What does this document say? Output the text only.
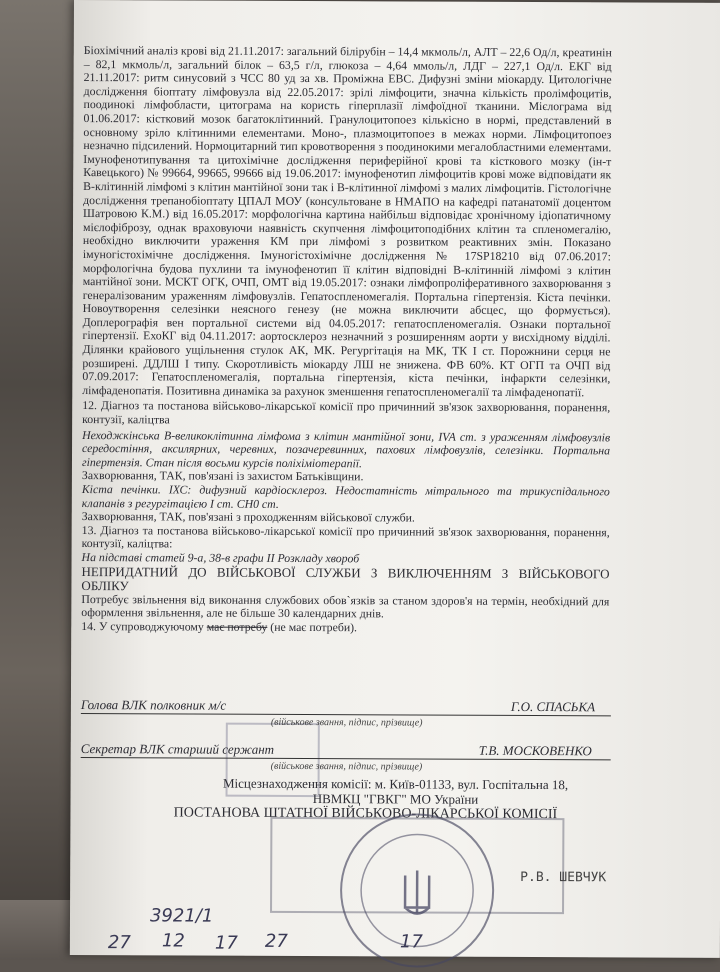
Біохімічний аналіз крові від 21.11.2017: загальний білірубін – 14,4 мкмоль/л, АЛТ – 22,6 Од/л, креатинін – 82,1 мкмоль/л, загальний білок – 63,5 г/л, глюкоза – 4,64 ммоль/л, ЛДГ – 227,1 Од/л. ЕКГ від 21.11.2017: ритм синусовий з ЧСС 80 уд за хв. Проміжна ЕВС. Дифузні зміни міокарду. Цитологічне дослідження біоптату лімфовузла від 22.05.2017: зрілі лімфоцити, значна кількість пролімфоцитів, поодинокі лімфобласти, цитограма на користь гіперплазії лімфоїдної тканини. Мієлограма від 01.06.2017: кістковий мозок багатоклітинний. Гранулоцитопоез кількісно в нормі, представлений в основному зріло клітинними елементами. Моно-, плазмоцитопоез в межах норми. Лімфоцитопоез незначно підсилений. Нормоцитарний тип кровотворення з поодинокими мегалобластними елементами. Імунофенотипування та цитохімічне дослідження периферійної крові та кісткового мозку (ін-т Кавецького) № 99664, 99665, 99666 від 19.06.2017: імунофенотип лімфоцитів крові може відповідати як В-клітинній лімфомі з клітин мантійної зони так і В-клітинної лімфомі з малих лімфоцитів. Гістологічне дослідження трепанобіоптату ЦПАЛ МОУ (консультоване в НМАПО на кафедрі патанатомії доцентом Шатровою К.М.) від 16.05.2017: морфологічна картина найбільш відповідає хронічному ідіопатичному мієлофіброзу, однак враховуючи наявність скупчення лімфоцитоподібних клітин та спленомегалію, необхідно виключити ураження КМ при лімфомі з розвитком реактивних змін. Показано імуногістохімічне дослідження. Імуногістохімічне дослідження № 17SP18210 від 07.06.2017: морфологічна будова пухлини та імунофенотип її клітин відповідні В-клітинній лімфомі з клітин мантійної зони. МСКТ ОГК, ОЧП, ОМТ від 19.05.2017: ознаки лімфопроліферативного захворювання з генералізованим ураженням лімфовузлів. Гепатоспленомегалія. Портальна гіпертензія. Кіста печінки. Новоутворення селезінки неясного генезу (не можна виключити абсцес, що формується). Доплерографія вен портальної системи від 04.05.2017: гепатоспленомегалія. Ознаки портальної гіпертензії. ЕхоКГ від 04.11.2017: аортосклероз незначний з розширенням аорти у висхідному відділі. Ділянки крайового ущільнення стулок АК, МК. Регургітація на МК, ТК І ст. Порожнини серця не розширені. ДДЛШ І типу. Скоротливість міокарду ЛШ не знижена. ФВ 60%. КТ ОГП та ОЧП від 07.09.2017: Гепатоспленомегалія, портальна гіпертензія, кіста печінки, інфаркти селезінки, лімфаденопатія. Позитивна динаміка за рахунок зменшення гепатоспленомегалії та лімфаденопатії.

12. Діагноз та постанова військово-лікарської комісії про причинний зв'язок захворювання, поранення, контузії, каліцтва

Неходжкінська В-великоклітинна лімфома з клітин мантійної зони, IVA ст. з ураженням лімфовузлів середостіння, аксилярних, черевних, позачеревинних, пахових лімфовузлів, селезінки. Портальна гіпертензія. Стан після восьми курсів поліхіміотерапії.

Захворювання, ТАК, пов'язані із захистом Батьківщини.

Кіста печінки. ІХС: дифузний кардіосклероз. Недостатність мітрального та трикуспідального клапанів з регургітацією І ст. СН0 ст.

Захворювання, ТАК, пов'язані з проходженням військової служби.

13. Діагноз та постанова військово-лікарської комісії про причинний зв'язок захворювання, поранення, контузії, каліцтва:

На підставі статей 9-а, 38-в графи ІІ Розкладу хвороб

НЕПРИДАТНИЙ ДО ВІЙСЬКОВОЇ СЛУЖБИ З ВИКЛЮЧЕННЯМ З ВІЙСЬКОВОГО ОБЛІКУ

Потребує звільнення від виконання службових обов`язків за станом здоров'я на термін, необхідний для оформлення звільнення, але не більше 30 календарних днів.

14. У супроводжуючому має потребу (не має потреби).

Голова ВЛК полковник м/с	Г.О. СПАСЬКА
(військове звання, підпис, прізвище)
Секретар ВЛК старший сержант	Т.В. МОСКОВЕНКО
(військове звання, підпис, прізвище)
Місцезнаходження комісії: м. Київ-01133, вул. Госпітальна 18,
НВМКЦ "ГВКГ" МО України
ПОСТАНОВА ШТАТНОЇ ВІЙСЬКОВО-ЛІКАРСЬКОЇ КОМІСІЇ
Р.В. ШЕВЧУК
3921/1
27 12 17 27	17
